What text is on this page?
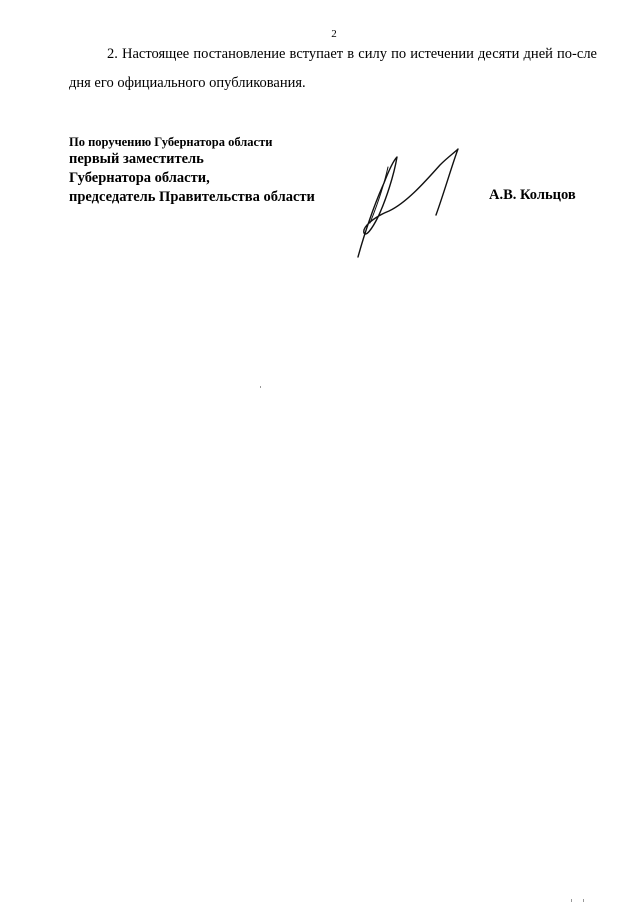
2

2. Настоящее постановление вступает в силу по истечении десяти дней по-сле дня его официального опубликования.

По поручению Губернатора области
первый заместитель
Губернатора области,
председатель Правительства области	А.В. Кольцов
